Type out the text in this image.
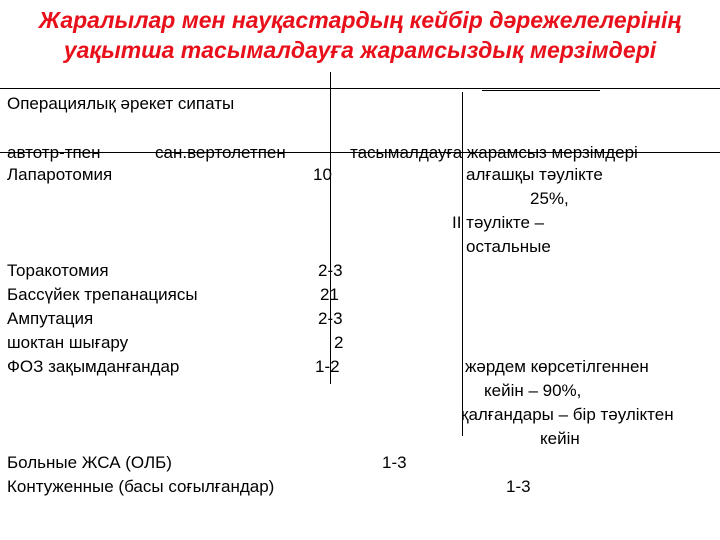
Жаралылар мен науқастардың кейбір дәрежелелерінің
уақытша тасымалдауға жарамсыздық мерзімдері
Операциялық әрекет сипаты
автотр-тпен	сан.вертолетпен	тасымалдауға жарамсыз мерзімдері
Лапаротомия	10	алғашқы тәулікте
25%,
ІІ тәулікте –
остальные
Торакотомия	2-3
Бассүйек трепанациясы	21
Ампутация	2-3
шоктан шығару	2
ФОЗ зақымданғандар	1-2	жәрдем көрсетілгеннен
кейін – 90%,
қалғандары – бір тәуліктен
кейін
Больные ЖСА (ОЛБ)	1-3
Контуженные (басы соғылғандар)	1-3
